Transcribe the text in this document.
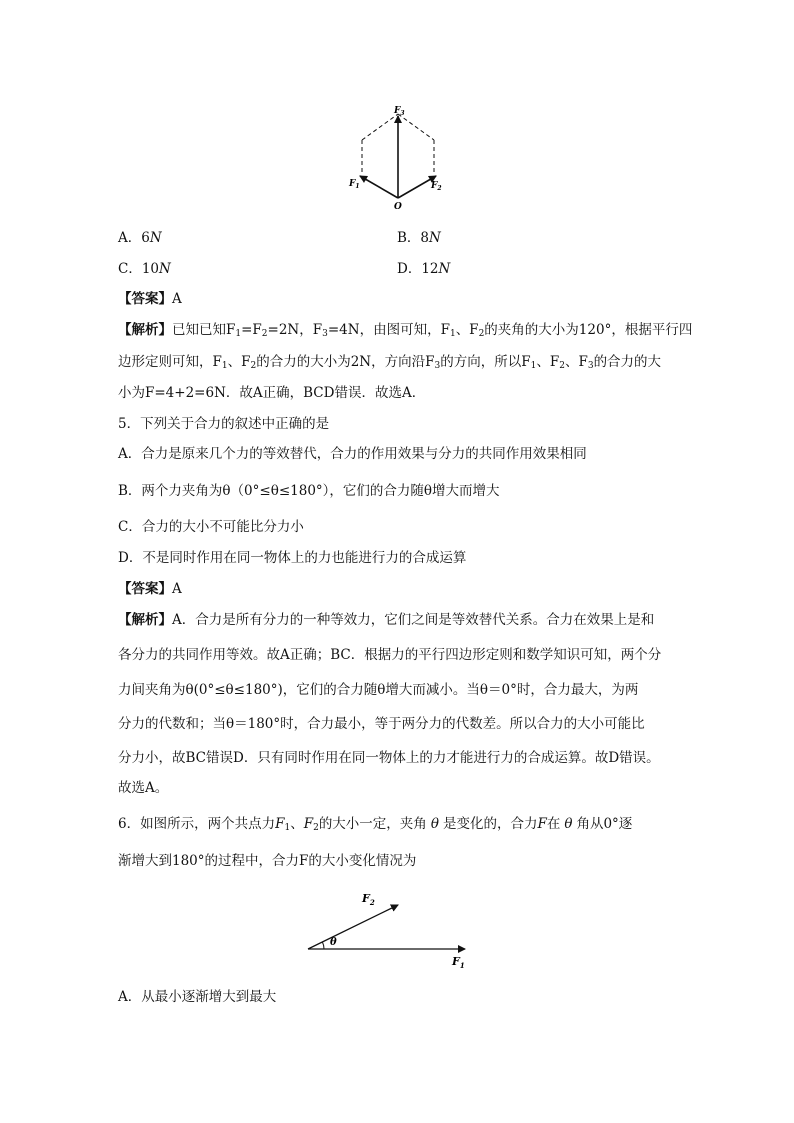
$F_3$
$F_1$	$F_2$
O
A．6N	B．8N
C．10N	D．12N
【答案】A
【解析】已知已知$F_1=F_2=2N$，$F_3=4N$，由图可知，$F_1$、$F_2$的夹角的大小为120°，根据平行四
边形定则可知，$F_1$、$F_2$的合力的大小为2N，方向沿$F_3$的方向，所以$F_1$、$F_2$、$F_3$的合力的大
小为F=4+2=6N．故A正确，BCD错误．故选A．
5．下列关于合力的叙述中正确的是
A．合力是原来几个力的等效替代，合力的作用效果与分力的共同作用效果相同
B．两个力夹角为θ（0°≤θ≤180°），它们的合力随θ增大而增大
C．合力的大小不可能比分力小
D．不是同时作用在同一物体上的力也能进行力的合成运算
【答案】A
【解析】A．合力是所有分力的一种等效力，它们之间是等效替代关系。合力在效果上是和
各分力的共同作用等效。故A正确；BC．根据力的平行四边形定则和数学知识可知，两个分
力间夹角为θ(0°≤θ≤180°)，它们的合力随θ增大而减小。当θ＝0°时，合力最大，为两
分力的代数和；当θ＝180°时，合力最小，等于两分力的代数差。所以合力的大小可能比
分力小，故BC错误D．只有同时作用在同一物体上的力才能进行力的合成运算。故D错误。
故选A。
6．如图所示，两个共点力$F_1$、$F_2$的大小一定，夹角 θ 是变化的，合力F在 θ 角从0°逐
渐增大到180°的过程中，合力F的大小变化情况为
θ
$F_2$
$F_1$
A．从最小逐渐增大到最大
